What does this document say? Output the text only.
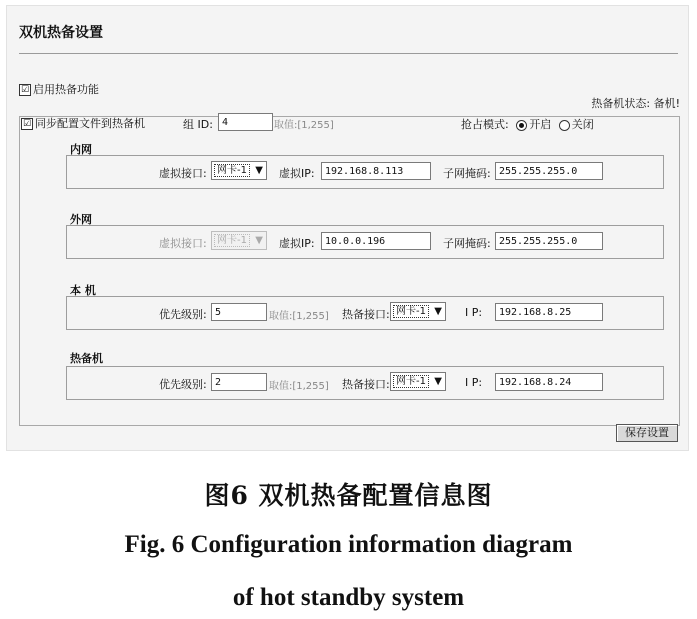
双机热备设置
☑ 启用热备功能
热备机状态: 备机!
☑ 同步配置文件到热备机	组 ID: 4	取值:[1,255]	抢占模式: 开启 关闭
内网
虚拟接口:	网卡-1 ▼ 虚拟IP:	192.168.8.113	子网掩码: 255.255.255.0
外网
虚拟接口:	网卡-1 ▼ 虚拟IP:	10.0.0.196	子网掩码: 255.255.255.0
本 机
优先级别: 5	取值:[1,255] 热备接口: 网卡-1 ▼ I P:	192.168.8.25
热备机
优先级别: 2	取值:[1,255] 热备接口: 网卡-1 ▼ I P:	192.168.8.24
保存设置
图6 双机热备配置信息图
Fig. 6 Configuration information diagram
of hot standby system
